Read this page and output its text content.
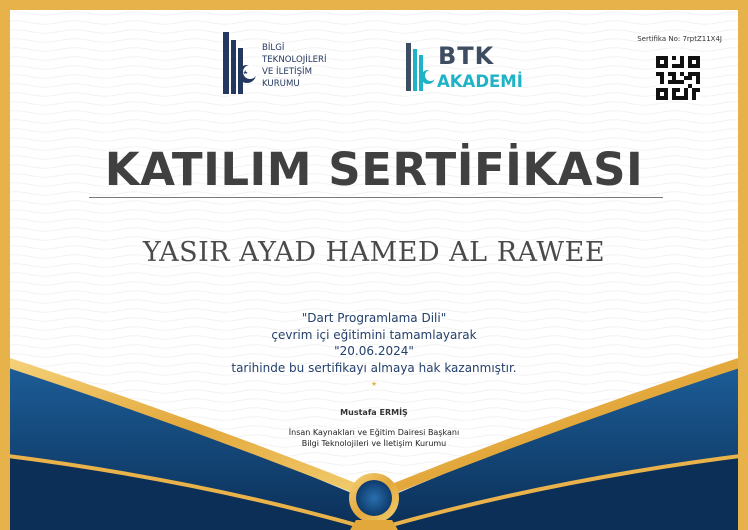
BİLGİ
TEKNOLOJİLERİ
VE İLETİŞİM
KURUMU
BTK
AKADEMİ
Sertifika No: 7rptZ11X4J
KATILIM SERTİFİKASI
YASIR AYAD HAMED AL RAWEE
"Dart Programlama Dili"
çevrim içi eğitimini tamamlayarak
"20.06.2024"
tarihinde bu sertifikayı almaya hak kazanmıştır.
★
Mustafa ERMİŞ
İnsan Kaynakları ve Eğitim Dairesi Başkanı
Bilgi Teknolojileri ve İletişim Kurumu
